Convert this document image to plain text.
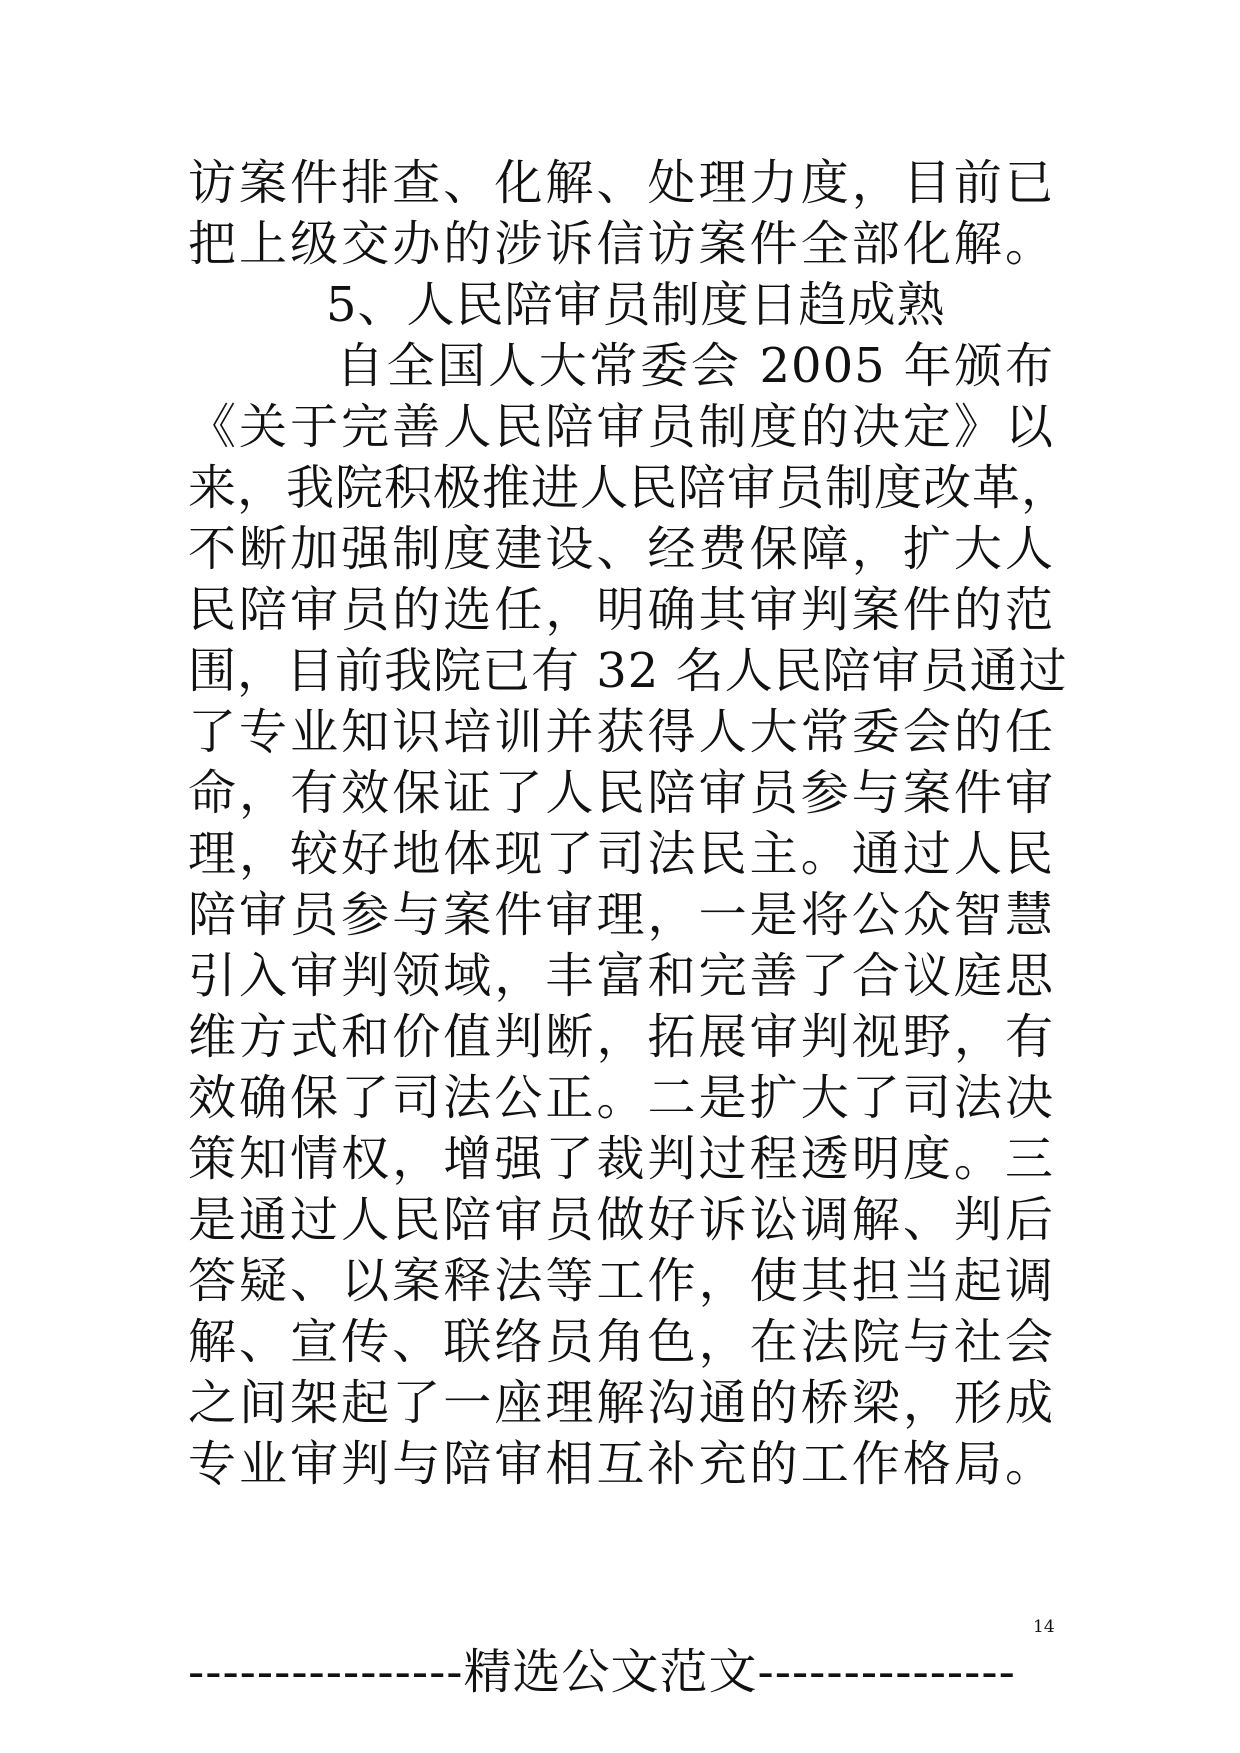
访案件排查、化解、处理力度，目前已
把上级交办的涉诉信访案件全部化解。
5、人民陪审员制度日趋成熟
自全国人大常委会 2005 年颁布
《关于完善人民陪审员制度的决定》以
来，我院积极推进人民陪审员制度改革，
不断加强制度建设、经费保障，扩大人
民陪审员的选任，明确其审判案件的范
围，目前我院已有 32 名人民陪审员通过
了专业知识培训并获得人大常委会的任
命，有效保证了人民陪审员参与案件审
理，较好地体现了司法民主。通过人民
陪审员参与案件审理，一是将公众智慧
引入审判领域，丰富和完善了合议庭思
维方式和价值判断，拓展审判视野，有
效确保了司法公正。二是扩大了司法决
策知情权，增强了裁判过程透明度。三
是通过人民陪审员做好诉讼调解、判后
答疑、以案释法等工作，使其担当起调
解、宣传、联络员角色，在法院与社会
之间架起了一座理解沟通的桥梁，形成
专业审判与陪审相互补充的工作格局。
14
----------------精选公文范文---------------
